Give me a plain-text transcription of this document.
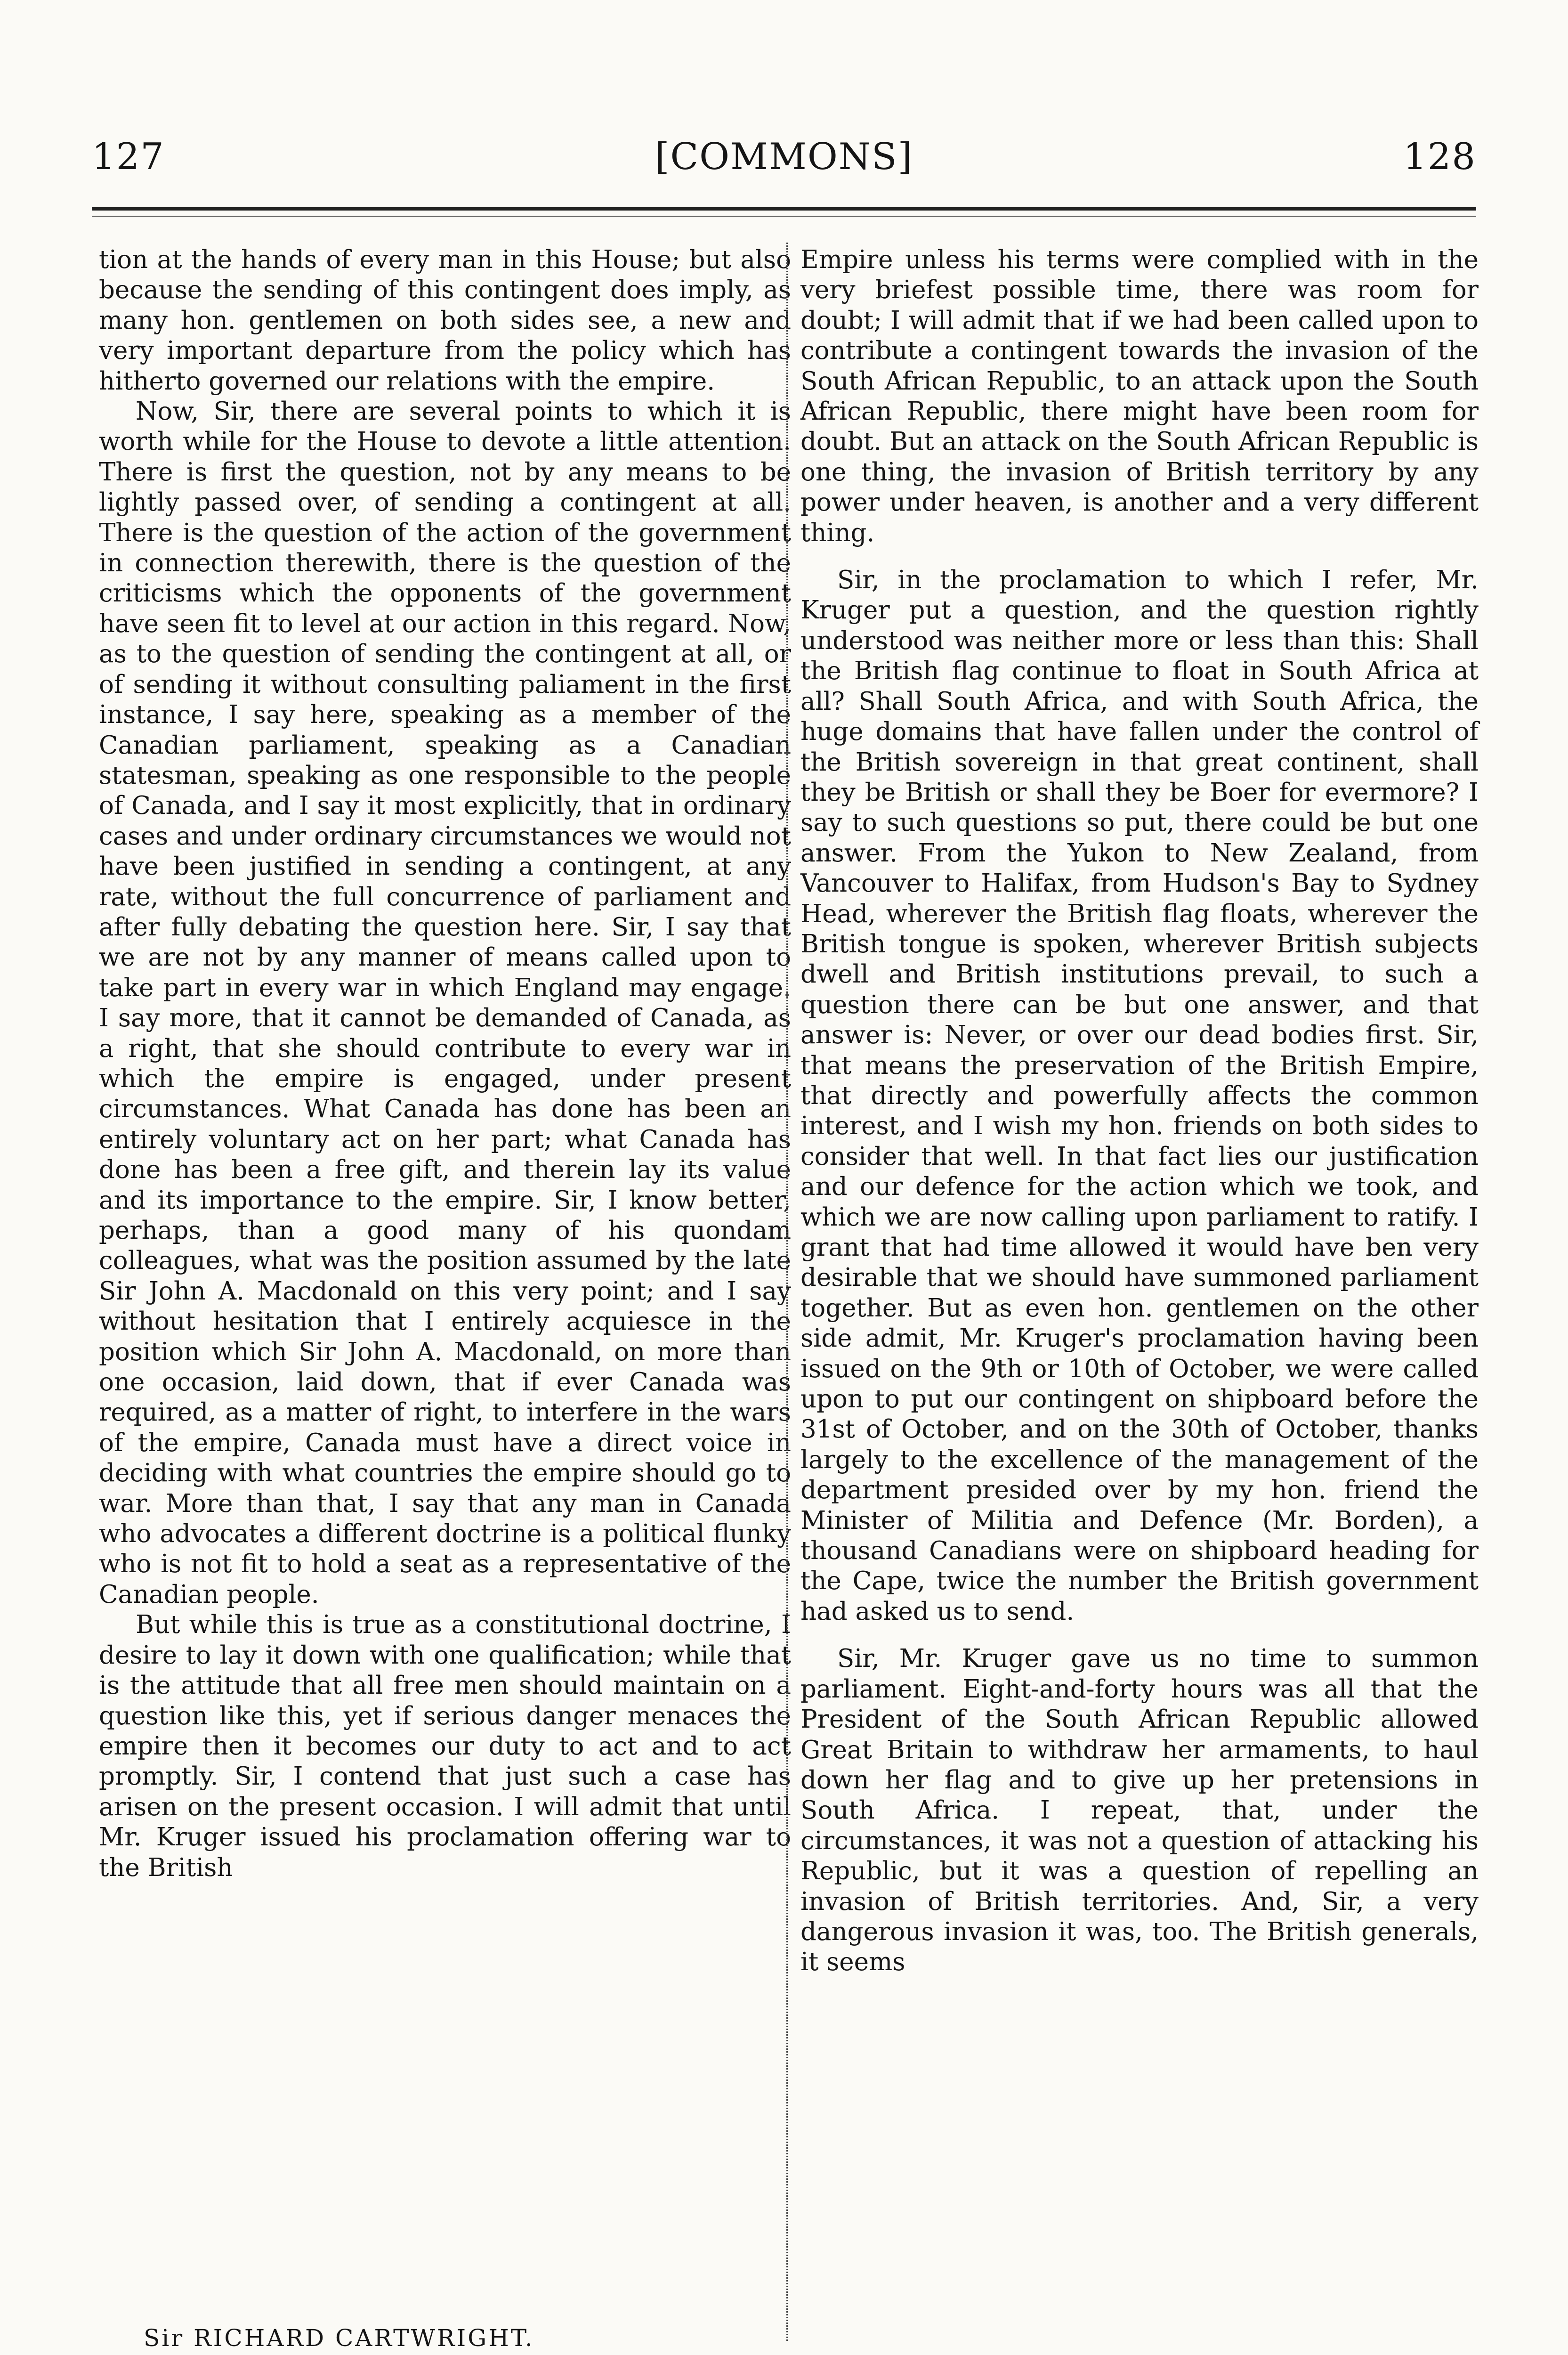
127	[COMMONS]	128

tion at the hands of every man in this House; but also because the sending of this contingent does imply, as many hon. gentlemen on both sides see, a new and very important departure from the policy which has hitherto governed our relations with the empire.

Now, Sir, there are several points to which it is worth while for the House to devote a little attention. There is first the question, not by any means to be lightly passed over, of sending a contingent at all. There is the question of the action of the government in connection therewith, there is the question of the criticisms which the opponents of the government have seen fit to level at our action in this regard. Now, as to the question of sending the contingent at all, or of sending it without consulting paliament in the first instance, I say here, speaking as a member of the Canadian parliament, speaking as a Canadian statesman, speaking as one responsible to the people of Canada, and I say it most explicitly, that in ordinary cases and under ordinary circumstances we would not have been justified in sending a contingent, at any rate, without the full concurrence of parliament and after fully debating the question here. Sir, I say that we are not by any manner of means called upon to take part in every war in which England may engage. I say more, that it cannot be demanded of Canada, as a right, that she should contribute to every war in which the empire is engaged, under present circumstances. What Canada has done has been an entirely voluntary act on her part; what Canada has done has been a free gift, and therein lay its value and its importance to the empire. Sir, I know better, perhaps, than a good many of his quondam colleagues, what was the position assumed by the late Sir John A. Macdonald on this very point; and I say without hesitation that I entirely acquiesce in the position which Sir John A. Macdonald, on more than one occasion, laid down, that if ever Canada was required, as a matter of right, to interfere in the wars of the empire, Canada must have a direct voice in deciding with what countries the empire should go to war. More than that, I say that any man in Canada who advocates a different doctrine is a political flunky who is not fit to hold a seat as a representative of the Canadian people.

But while this is true as a constitutional doctrine, I desire to lay it down with one qualification; while that is the attitude that all free men should maintain on a question like this, yet if serious danger menaces the empire then it becomes our duty to act and to act promptly. Sir, I contend that just such a case has arisen on the present occasion. I will admit that until Mr. Kruger issued his proclamation offering war to the British

Empire unless his terms were complied with in the very briefest possible time, there was room for doubt; I will admit that if we had been called upon to contribute a contingent towards the invasion of the South African Republic, to an attack upon the South African Republic, there might have been room for doubt. But an attack on the South African Republic is one thing, the invasion of British territory by any power under heaven, is another and a very different thing.

Sir, in the proclamation to which I refer, Mr. Kruger put a question, and the question rightly understood was neither more or less than this: Shall the British flag continue to float in South Africa at all? Shall South Africa, and with South Africa, the huge domains that have fallen under the control of the British sovereign in that great continent, shall they be British or shall they be Boer for evermore? I say to such questions so put, there could be but one answer. From the Yukon to New Zealand, from Vancouver to Halifax, from Hudson's Bay to Sydney Head, wherever the British flag floats, wherever the British tongue is spoken, wherever British subjects dwell and British institutions prevail, to such a question there can be but one answer, and that answer is: Never, or over our dead bodies first. Sir, that means the preservation of the British Empire, that directly and powerfully affects the common interest, and I wish my hon. friends on both sides to consider that well. In that fact lies our justification and our defence for the action which we took, and which we are now calling upon parliament to ratify. I grant that had time allowed it would have ben very desirable that we should have summoned parliament together. But as even hon. gentlemen on the other side admit, Mr. Kruger's proclamation having been issued on the 9th or 10th of October, we were called upon to put our contingent on shipboard before the 31st of October, and on the 30th of October, thanks largely to the excellence of the management of the department presided over by my hon. friend the Minister of Militia and Defence (Mr. Borden), a thousand Canadians were on shipboard heading for the Cape, twice the number the British government had asked us to send.

Sir, Mr. Kruger gave us no time to summon parliament. Eight-and-forty hours was all that the President of the South African Republic allowed Great Britain to withdraw her armaments, to haul down her flag and to give up her pretensions in South Africa. I repeat, that, under the circumstances, it was not a question of attacking his Republic, but it was a question of repelling an invasion of British territories. And, Sir, a very dangerous invasion it was, too. The British generals, it seems

Sir RICHARD CARTWRIGHT.
